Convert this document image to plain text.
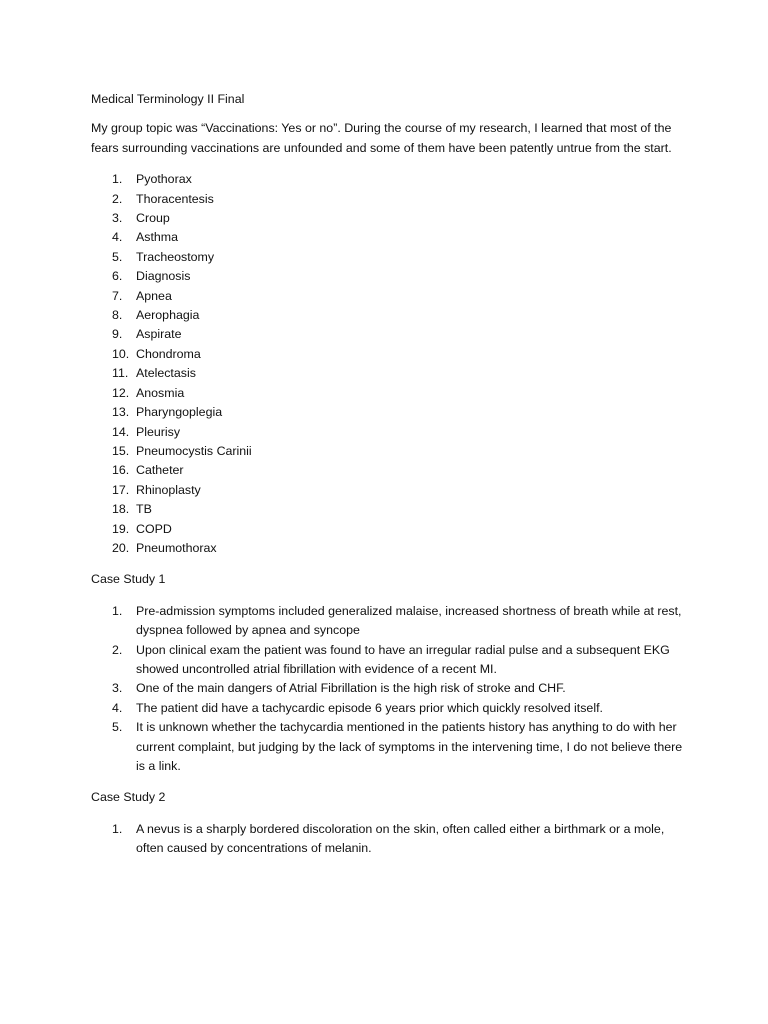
Medical Terminology II Final

My group topic was “Vaccinations: Yes or no”. During the course of my research, I learned that most of the fears surrounding vaccinations are unfounded and some of them have been patently untrue from the start.

1.	Pyothorax
2.	Thoracentesis
3.	Croup
4.	Asthma
5.	Tracheostomy
6.	Diagnosis
7.	Apnea
8.	Aerophagia
9.	Aspirate
10. Chondroma
11. Atelectasis
12. Anosmia
13. Pharyngoplegia
14. Pleurisy
15. Pneumocystis Carinii
16. Catheter
17. Rhinoplasty
18. TB
19. COPD
20. Pneumothorax

Case Study 1

1.	Pre-admission symptoms included generalized malaise, increased shortness of breath while at rest, dyspnea followed by apnea and syncope
2.	Upon clinical exam the patient was found to have an irregular radial pulse and a subsequent EKG showed uncontrolled atrial fibrillation with evidence of a recent MI.
3.	One of the main dangers of Atrial Fibrillation is the high risk of stroke and CHF.
4.	The patient did have a tachycardic episode 6 years prior which quickly resolved itself.
5.	It is unknown whether the tachycardia mentioned in the patients history has anything to do with her current complaint, but judging by the lack of symptoms in the intervening time, I do not believe there is a link.

Case Study 2

1.	A nevus is a sharply bordered discoloration on the skin, often called either a birthmark or a mole, often caused by concentrations of melanin.
